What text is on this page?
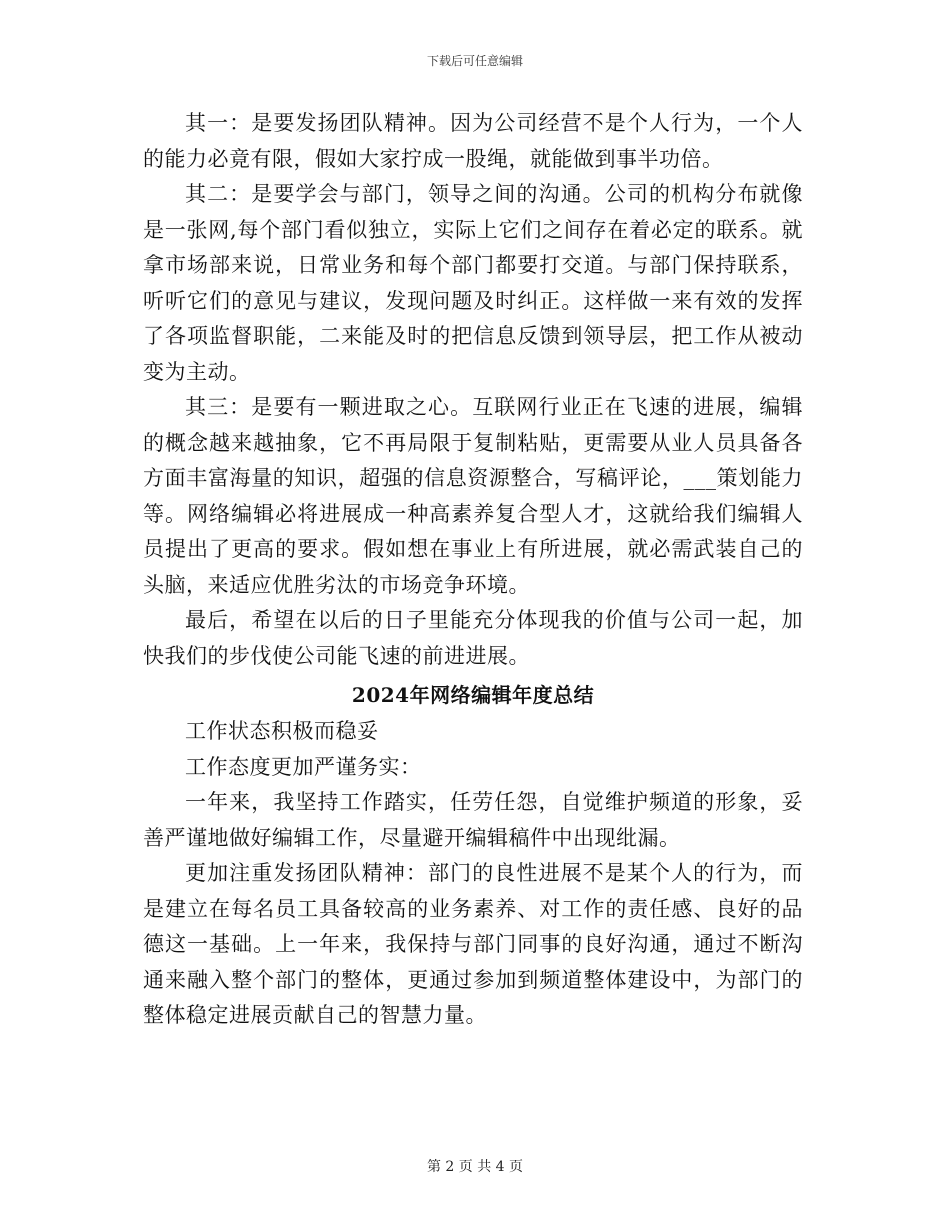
下载后可任意编辑

其一：是要发扬团队精神。因为公司经营不是个人行为，一个人的能力必竟有限，假如大家拧成一股绳，就能做到事半功倍。

其二：是要学会与部门，领导之间的沟通。公司的机构分布就像是一张网,每个部门看似独立，实际上它们之间存在着必定的联系。就拿市场部来说，日常业务和每个部门都要打交道。与部门保持联系，听听它们的意见与建议，发现问题及时纠正。这样做一来有效的发挥了各项监督职能，二来能及时的把信息反馈到领导层，把工作从被动变为主动。

其三：是要有一颗进取之心。互联网行业正在飞速的进展，编辑的概念越来越抽象，它不再局限于复制粘贴，更需要从业人员具备各方面丰富海量的知识，超强的信息资源整合，写稿评论，___策划能力等。网络编辑必将进展成一种高素养复合型人才，这就给我们编辑人员提出了更高的要求。假如想在事业上有所进展，就必需武装自己的头脑，来适应优胜劣汰的市场竞争环境。

最后，希望在以后的日子里能充分体现我的价值与公司一起，加快我们的步伐使公司能飞速的前进进展。

2024年网络编辑年度总结

工作状态积极而稳妥

工作态度更加严谨务实：

一年来，我坚持工作踏实，任劳任怨，自觉维护频道的形象，妥善严谨地做好编辑工作，尽量避开编辑稿件中出现纰漏。

更加注重发扬团队精神：部门的良性进展不是某个人的行为，而是建立在每名员工具备较高的业务素养、对工作的责任感、良好的品德这一基础。上一年来，我保持与部门同事的良好沟通，通过不断沟通来融入整个部门的整体，更通过参加到频道整体建设中，为部门的整体稳定进展贡献自己的智慧力量。

第 2 页 共 4 页
